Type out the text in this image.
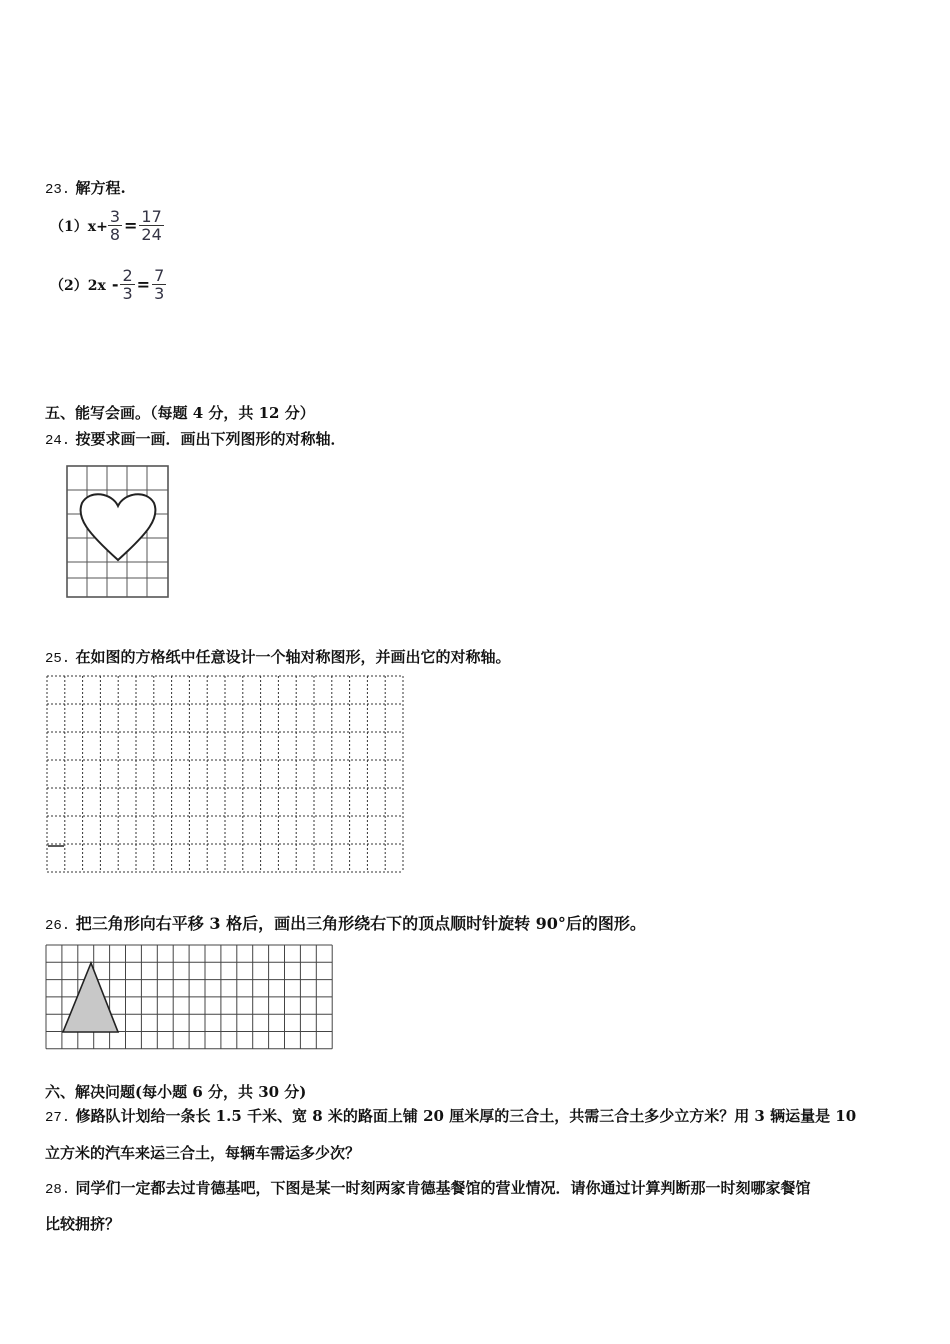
23. 解方程.
$(1)x+ \frac{3}{8} = \frac{17}{24}$
$(2)2x - \frac{2}{3} = \frac{7}{3}$
五、能写会画。（每题 4 分，共 12 分）
24. 按要求画一画．画出下列图形的对称轴．
25. 在如图的方格纸中任意设计一个轴对称图形，并画出它的对称轴。
26. 把三角形向右平移 3 格后，画出三角形绕右下的顶点顺时针旋转 90°后的图形。
六、解决问题(每小题 6 分，共 30 分)
27. 修路队计划给一条长 1.5 千米、宽 8 米的路面上铺 20 厘米厚的三合土，共需三合土多少立方米？用 3 辆运量是 10
立方米的汽车来运三合土，每辆车需运多少次？
28. 同学们一定都去过肯德基吧，下图是某一时刻两家肯德基餐馆的营业情况．请你通过计算判断那一时刻哪家餐馆
比较拥挤？
